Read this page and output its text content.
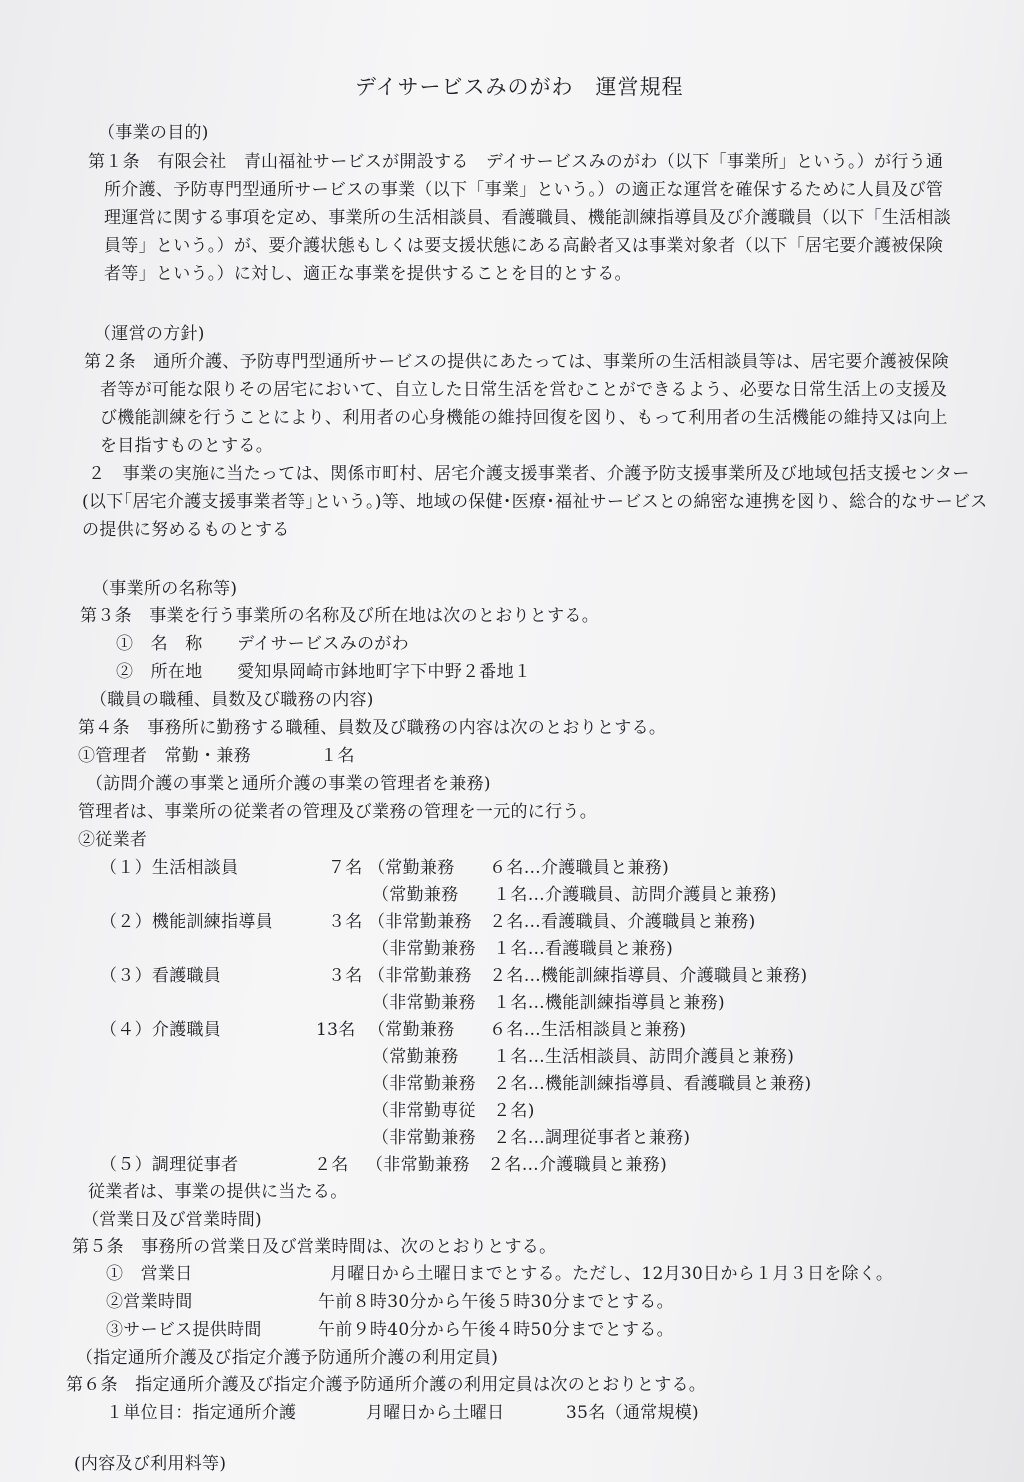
デイサービスみのがわ　運営規程
（事業の目的)
第１条　有限会社　青山福祉サービスが開設する　デイサービスみのがわ（以下「事業所」という。）が行う通
所介護、予防専門型通所サービスの事業（以下「事業」という。）の適正な運営を確保するために人員及び管
理運営に関する事項を定め、事業所の生活相談員、看護職員、機能訓練指導員及び介護職員（以下「生活相談
員等」という。）が、要介護状態もしくは要支援状態にある高齢者又は事業対象者（以下「居宅要介護被保険
者等」という。）に対し、適正な事業を提供することを目的とする。
（運営の方針)
第２条　通所介護、予防専門型通所サービスの提供にあたっては、事業所の生活相談員等は、居宅要介護被保険
者等が可能な限りその居宅において、自立した日常生活を営むことができるよう、必要な日常生活上の支援及
び機能訓練を行うことにより、利用者の心身機能の維持回復を図り、もって利用者の生活機能の維持又は向上
を目指すものとする。
２　事業の実施に当たっては、関係市町村、居宅介護支援事業者、介護予防支援事業所及び地域包括支援センター
(以下｢居宅介護支援事業者等｣という。)等、地域の保健･医療･福祉サービスとの綿密な連携を図り、総合的なサービス
の提供に努めるものとする
（事業所の名称等)
第３条　事業を行う事業所の名称及び所在地は次のとおりとする。
①　名　称　　デイサービスみのがわ
②　所在地　　愛知県岡崎市鉢地町字下中野２番地１
（職員の職種、員数及び職務の内容)
第４条　事務所に勤務する職種、員数及び職務の内容は次のとおりとする。
①管理者　常勤・兼務　　　　１名
（訪問介護の事業と通所介護の事業の管理者を兼務)
管理者は、事業所の従業者の管理及び業務の管理を一元的に行う。
②従業者
（１）生活相談員	７名 （常勤兼務　　６名…介護職員と兼務)
（常勤兼務　　１名…介護職員、訪問介護員と兼務)
（２）機能訓練指導員	３名 （非常勤兼務　２名…看護職員、介護職員と兼務)
（非常勤兼務　１名…看護職員と兼務)
（３）看護職員	３名 （非常勤兼務　２名…機能訓練指導員、介護職員と兼務)
（非常勤兼務　１名…機能訓練指導員と兼務)
（４）介護職員	13名 （常勤兼務　　６名…生活相談員と兼務)
（常勤兼務　　１名…生活相談員、訪問介護員と兼務)
（非常勤兼務　２名…機能訓練指導員、看護職員と兼務)
（非常勤専従　２名)
（非常勤兼務　２名…調理従事者と兼務)
（５）調理従事者	２名 （非常勤兼務　２名…介護職員と兼務)
従業者は、事業の提供に当たる。
（営業日及び営業時間)
第５条　事務所の営業日及び営業時間は、次のとおりとする。
①　営業日	月曜日から土曜日までとする。ただし、12月30日から１月３日を除く。
②営業時間	午前８時30分から午後５時30分までとする。
③サービス提供時間	午前９時40分から午後４時50分までとする。
（指定通所介護及び指定介護予防通所介護の利用定員)
第６条　指定通所介護及び指定介護予防通所介護の利用定員は次のとおりとする。
１単位目：指定通所介護	月曜日から土曜日	35名（通常規模)
(内容及び利用料等)
